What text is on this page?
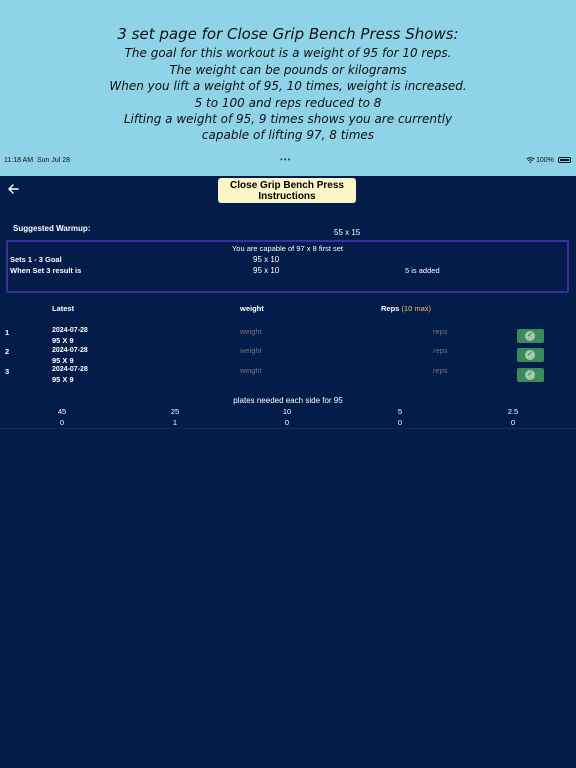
3 set page for Close Grip Bench Press Shows:
The goal for this workout is a weight of 95 for 10 reps.
The weight can be pounds or kilograms
When you lift a weight of 95, 10 times, weight is increased.
5 to 100 and reps reduced to 8
Lifting a weight of 95, 9 times shows you are currently
capable of lifting 97, 8 times
11:18 AM Sun Jul 28	•••	100%
Close Grip Bench Press
Instructions
Suggested Warmup:	55 x 15
You are capable of 97 x 8 first set
Sets 1 - 3 Goal	95 x 10
When Set 3 result is	95 x 10	5 is added
Latest	weight	Reps (10 max)
1	2024-07-28
95 X 9
weight
reps
✓
2	2024-07-28
95 X 9
weight
reps
✓
3	2024-07-28
95 X 9
weight
reps
✓
plates needed each side for 95
45	25	10	5	2.5
0	1	0	0	0
